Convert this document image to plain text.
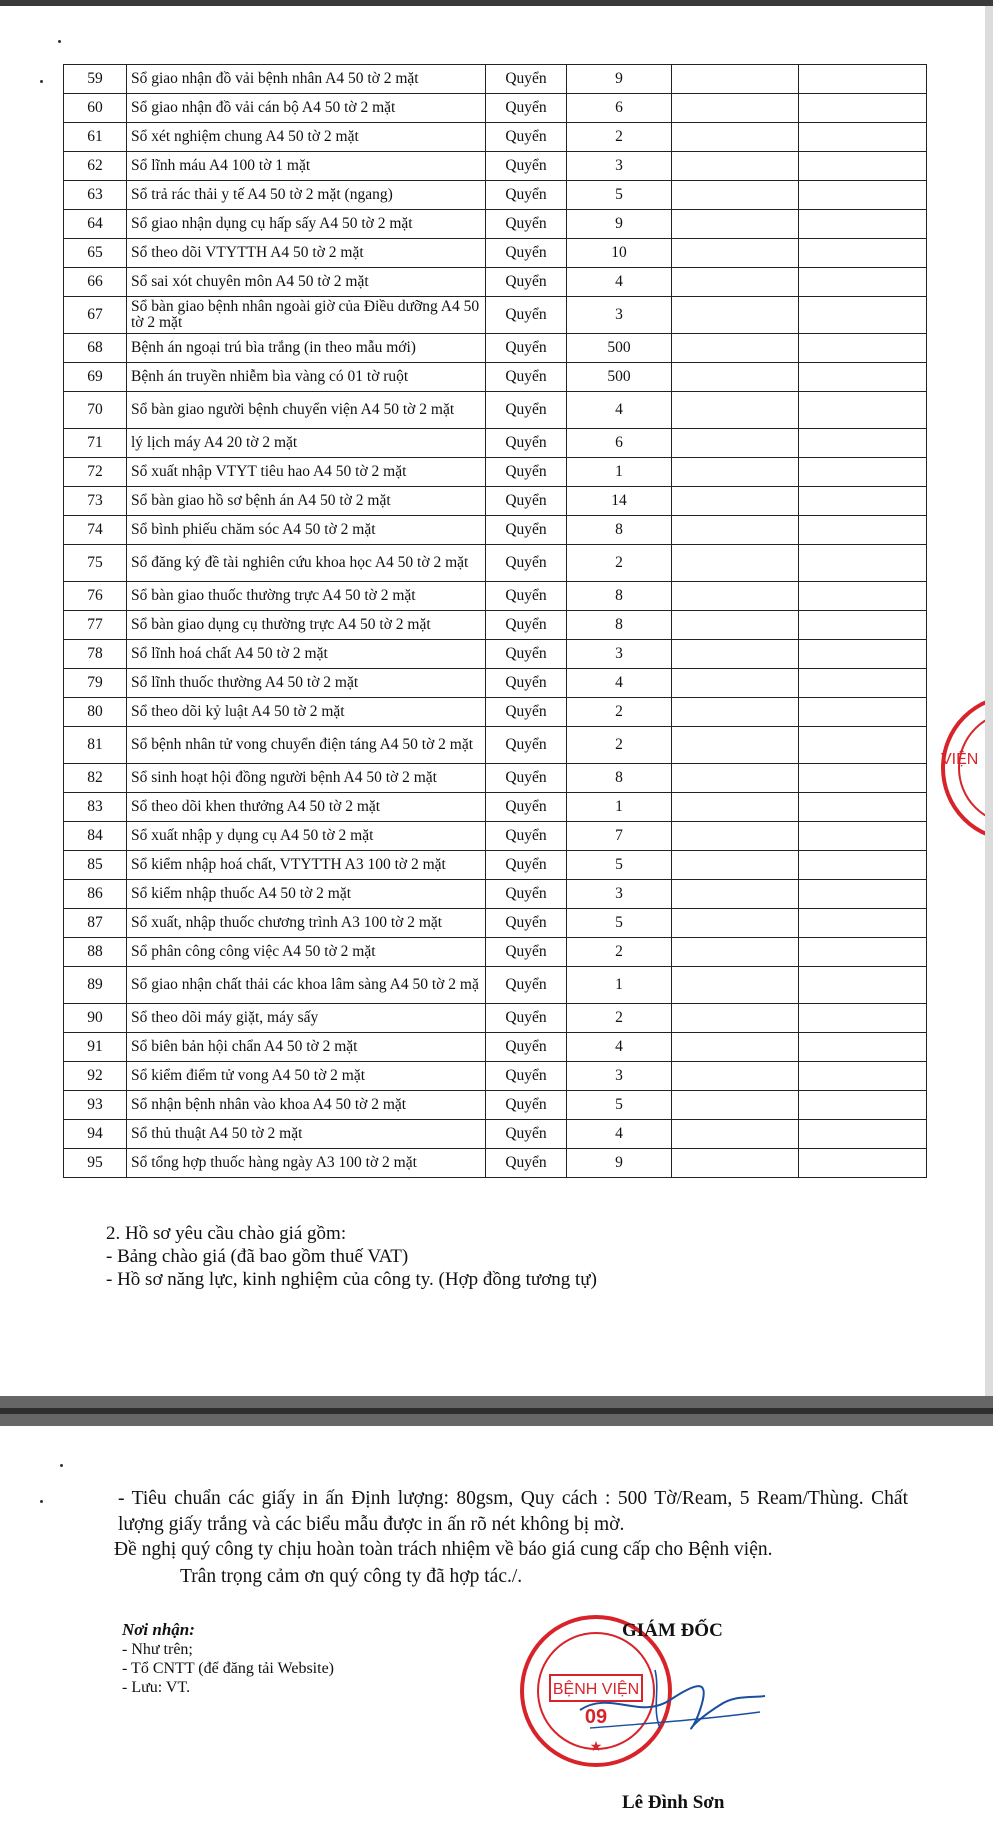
59	Sổ giao nhận đồ vải bệnh nhân A4 50 tờ 2 mặt	Quyển	9		
60	Sổ giao nhận đồ vải cán bộ A4 50 tờ 2 mặt	Quyển	6		
61	Sổ xét nghiệm chung A4 50 tờ 2 mặt	Quyển	2		
62	Sổ lĩnh máu A4 100 tờ 1 mặt	Quyển	3		
63	Sổ trả rác thải y tế A4 50 tờ 2 mặt (ngang)	Quyển	5		
64	Sổ giao nhận dụng cụ hấp sấy A4 50 tờ 2 mặt	Quyển	9		
65	Sổ theo dõi VTYTTH A4 50 tờ 2 mặt	Quyển	10		
66	Sổ sai xót chuyên môn A4 50 tờ 2 mặt	Quyển	4		
67	Sổ bàn giao bệnh nhân ngoài giờ của Điều dưỡng A4 50 tờ 2 mặt	Quyển	3		
68	Bệnh án ngoại trú bìa trắng (in theo mẫu mới)	Quyển	500		
69	Bệnh án truyền nhiễm bìa vàng có 01 tờ ruột	Quyển	500		
70	Sổ bàn giao người bệnh chuyển viện A4 50 tờ 2 mặt	Quyển	4		
71	lý lịch máy A4 20 tờ 2 mặt	Quyển	6		
72	Sổ xuất nhập VTYT tiêu hao A4 50 tờ 2 mặt	Quyển	1		
73	Sổ bàn giao hồ sơ bệnh án A4 50 tờ 2 mặt	Quyển	14		
74	Sổ bình phiếu chăm sóc A4 50 tờ 2 mặt	Quyển	8		
75	Sổ đăng ký đề tài nghiên cứu khoa học A4 50 tờ 2 mặt	Quyển	2		
76	Sổ bàn giao thuốc thường trực A4 50 tờ 2 mặt	Quyển	8		
77	Sổ bàn giao dụng cụ thường trực A4 50 tờ 2 mặt	Quyển	8		
78	Sổ lĩnh hoá chất A4 50 tờ 2 mặt	Quyển	3		
79	Sổ lĩnh thuốc thường A4 50 tờ 2 mặt	Quyển	4		
80	Sổ theo dõi kỷ luật A4 50 tờ 2 mặt	Quyển	2		
81	Sổ bệnh nhân tử vong chuyển điện táng A4 50 tờ 2 mặt	Quyển	2		
82	Sổ sinh hoạt hội đồng người bệnh A4 50 tờ 2 mặt	Quyển	8		
83	Sổ theo dõi khen thưởng A4 50 tờ 2 mặt	Quyển	1		
84	Sổ xuất nhập y dụng cụ A4 50 tờ 2 mặt	Quyển	7		
85	Sổ kiểm nhập hoá chất, VTYTTH A3 100 tờ 2 mặt	Quyển	5		
86	Sổ kiểm nhập thuốc A4 50 tờ 2 mặt	Quyển	3		
87	Sổ xuất, nhập thuốc chương trình A3 100 tờ 2 mặt	Quyển	5		
88	Sổ phân công công việc A4 50 tờ 2 mặt	Quyển	2		
89	Sổ giao nhận chất thải các khoa lâm sàng A4 50 tờ 2 mặ	Quyển	1		
90	Sổ theo dõi máy giặt, máy sấy	Quyển	2		
91	Sổ biên bản hội chẩn A4 50 tờ 2 mặt	Quyển	4		
92	Sổ kiểm điểm tử vong A4 50 tờ 2 mặt	Quyển	3		
93	Sổ nhận bệnh nhân vào khoa A4 50 tờ 2 mặt	Quyển	5		
94	Sổ thủ thuật A4 50 tờ 2 mặt	Quyển	4		
95	Sổ tổng hợp thuốc hàng ngày A3 100 tờ 2 mặt	Quyển	9		
2. Hồ sơ yêu cầu chào giá gồm:
- Bảng chào giá (đã bao gồm thuế VAT)
- Hồ sơ năng lực, kinh nghiệm của công ty. (Hợp đồng tương tự)
VIỆN
- Tiêu chuẩn các giấy in ấn Định lượng: 80gsm, Quy cách : 500 Tờ/Ream, 5 Ream/Thùng. Chất lượng giấy trắng và các biểu mẫu được in ấn rõ nét không bị mờ.
Đề nghị quý công ty chịu hoàn toàn trách nhiệm về báo giá cung cấp cho Bệnh viện.
Trân trọng cảm ơn quý công ty đã hợp tác./.
Nơi nhận:
- Như trên;
- Tổ CNTT (để đăng tải Website)
- Lưu: VT.	BỆNH VIỆN
09
★
GIÁM ĐỐC
Lê Đình Sơn
